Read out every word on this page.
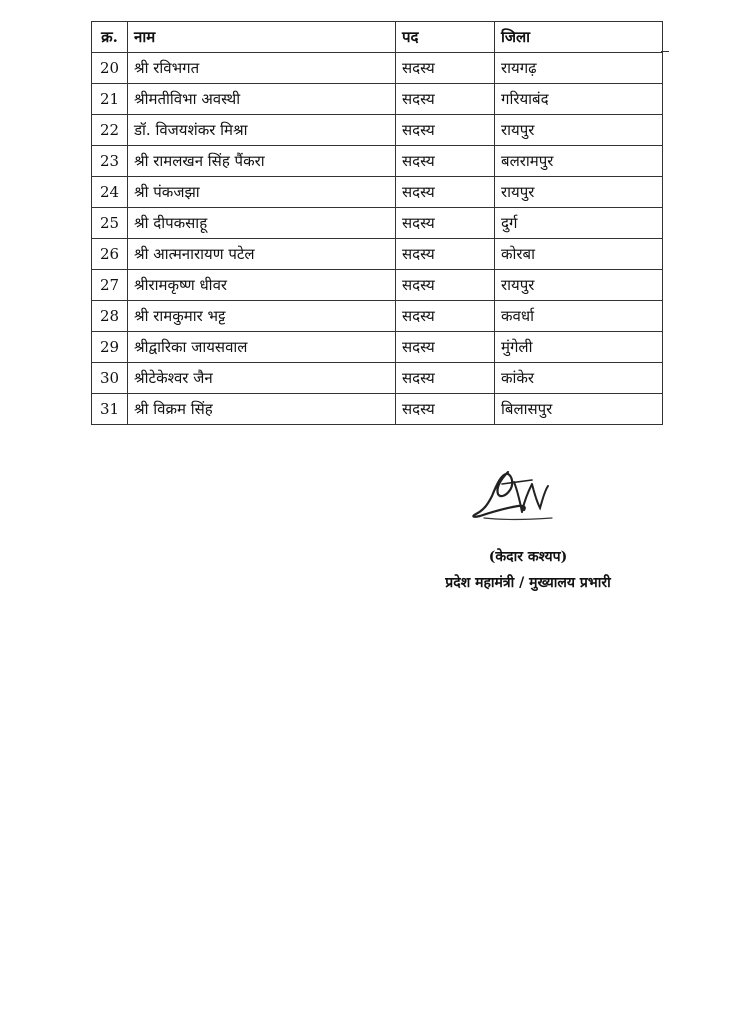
क्र.	नाम	पद	जिला
20	श्री रविभगत	सदस्य	रायगढ़
21	श्रीमतीविभा अवस्थी	सदस्य	गरियाबंद
22	डॉ. विजयशंकर मिश्रा	सदस्य	रायपुर
23	श्री रामलखन सिंह पैंकरा	सदस्य	बलरामपुर
24	श्री पंकजझा	सदस्य	रायपुर
25	श्री दीपकसाहू	सदस्य	दुर्ग
26	श्री आत्मनारायण पटेल	सदस्य	कोरबा
27	श्रीरामकृष्ण धीवर	सदस्य	रायपुर
28	श्री रामकुमार भट्ट	सदस्य	कवर्धा
29	श्रीद्वारिका जायसवाल	सदस्य	मुंगेली
30	श्रीटेकेश्वर जैन	सदस्य	कांकेर
31	श्री विक्रम सिंह	सदस्य	बिलासपुर
(केदार कश्यप)
प्रदेश महामंत्री / मुख्यालय प्रभारी
